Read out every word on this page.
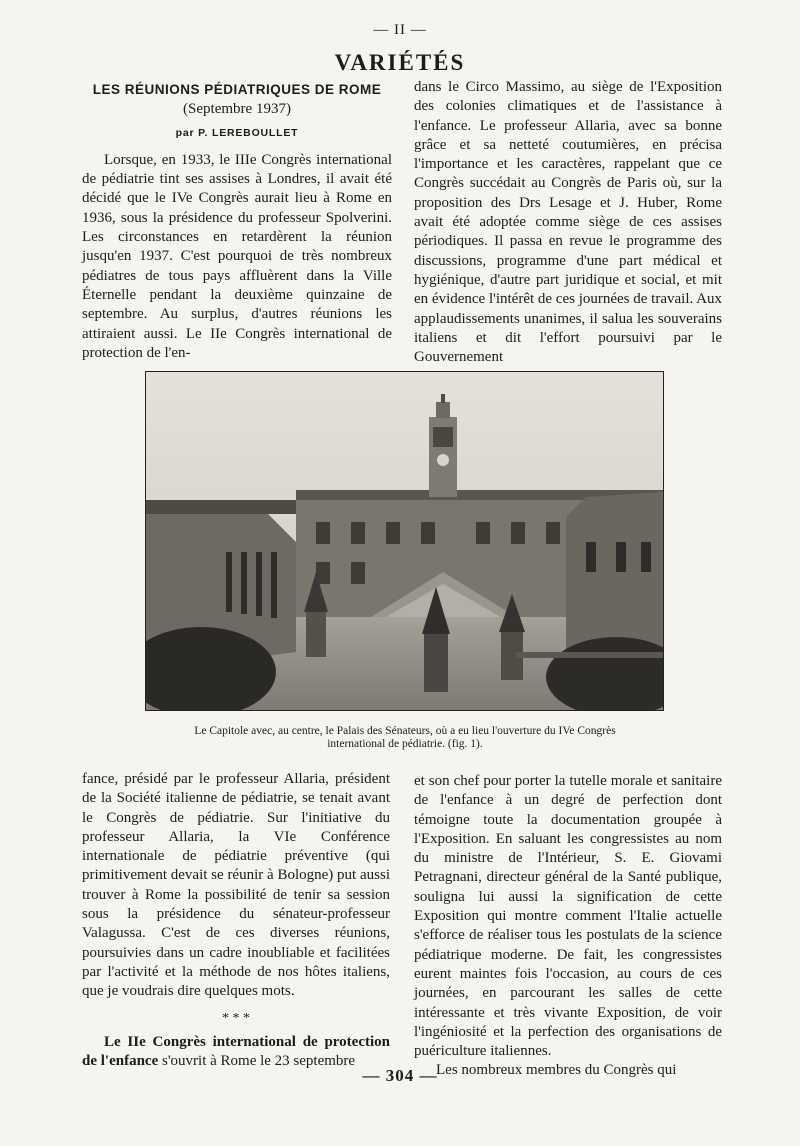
— II —
VARIÉTÉS
LES RÉUNIONS PÉDIATRIQUES DE ROME
(Septembre 1937)
par P. LEREBOULLET

Lorsque, en 1933, le IIIe Congrès international de pédiatrie tint ses assises à Londres, il avait été décidé que le IVe Congrès aurait lieu à Rome en 1936, sous la présidence du professeur Spolverini. Les circonstances en retardèrent la réunion jusqu'en 1937. C'est pourquoi de très nombreux pédiatres de tous pays affluèrent dans la Ville Éternelle pendant la deuxième quinzaine de septembre. Au surplus, d'autres réunions les attiraient aussi. Le IIe Congrès international de protection de l'en-

dans le Circo Massimo, au siège de l'Exposition des colonies climatiques et de l'assistance à l'enfance. Le professeur Allaria, avec sa bonne grâce et sa netteté coutumières, en précisa l'importance et les caractères, rappelant que ce Congrès succédait au Congrès de Paris où, sur la proposition des Drs Lesage et J. Huber, Rome avait été adoptée comme siège de ces assises périodiques. Il passa en revue le programme des discussions, programme d'une part médical et hygiénique, d'autre part juridique et social, et mit en évidence l'intérêt de ces journées de travail. Aux applaudissements unanimes, il salua les souverains italiens et dit l'effort poursuivi par le Gouvernement

Le Capitole avec, au centre, le Palais des Sénateurs, où a eu lieu l'ouverture du IVe Congrès
international de pédiatrie. (fig. 1).

fance, présidé par le professeur Allaria, président de la Société italienne de pédiatrie, se tenait avant le Congrès de pédiatrie. Sur l'initiative du professeur Allaria, la VIe Conférence internationale de pédiatrie préventive (qui primitivement devait se réunir à Bologne) put aussi trouver à Rome la possibilité de tenir sa session sous la présidence du sénateur-professeur Valagussa. C'est de ces diverses réunions, poursuivies dans un cadre inoubliable et facilitées par l'activité et la méthode de nos hôtes italiens, que je voudrais dire quelques mots.

* * *

Le IIe Congrès international de protection de l'enfance s'ouvrit à Rome le 23 septembre

et son chef pour porter la tutelle morale et sanitaire de l'enfance à un degré de perfection dont témoigne toute la documentation groupée à l'Exposition. En saluant les congressistes au nom du ministre de l'Intérieur, S. E. Giovami Petragnani, directeur général de la Santé publique, souligna lui aussi la signification de cette Exposition qui montre comment l'Italie actuelle s'efforce de réaliser tous les postulats de la science pédiatrique moderne. De fait, les congressistes eurent maintes fois l'occasion, au cours de ces journées, en parcourant les salles de cette intéressante et très vivante Exposition, de voir l'ingéniosité et la perfection des organisations de puériculture italiennes.

Les nombreux membres du Congrès qui

— 304 —
